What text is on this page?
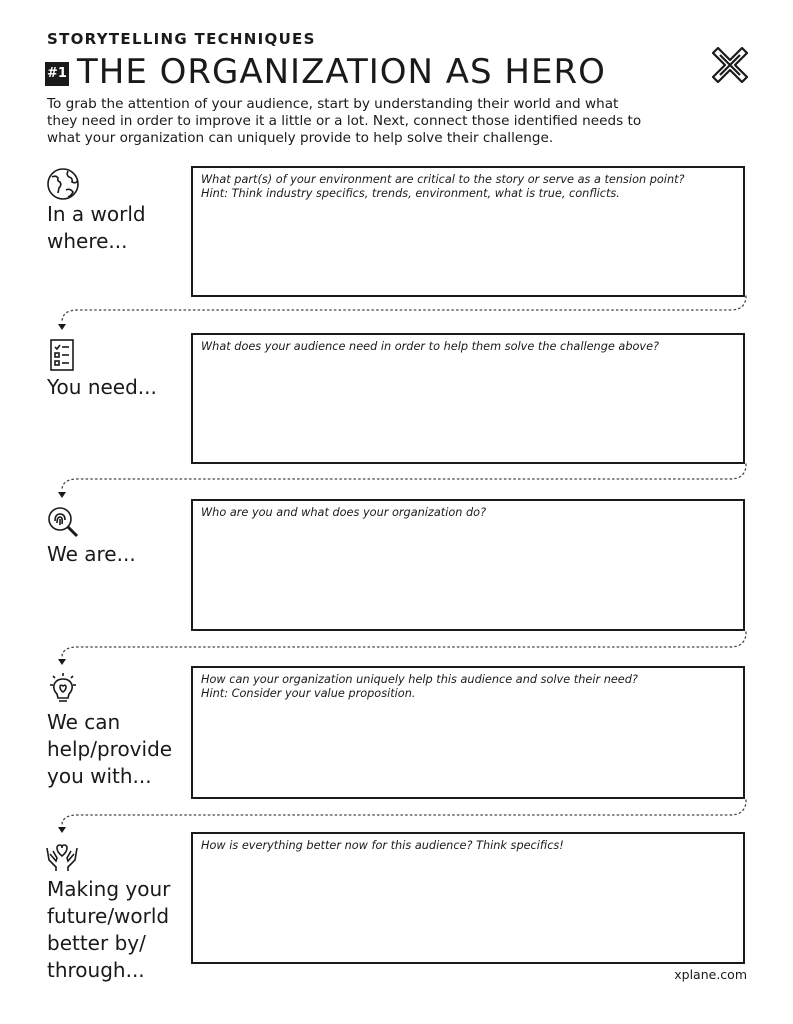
STORYTELLING TECHNIQUES
#1 THE ORGANIZATION AS HERO
To grab the attention of your audience, start by understanding their world and what they need in order to improve it a little or a lot. Next, connect those identified needs to what your organization can uniquely provide to help solve their challenge.
In a world where...
What part(s) of your environment are critical to the story or serve as a tension point?
Hint: Think industry specifics, trends, environment, what is true, conflicts.
You need...
What does your audience need in order to help them solve the challenge above?
We are...
Who are you and what does your organization do?
We can help/provide you with...
How can your organization uniquely help this audience and solve their need?
Hint: Consider your value proposition.
Making your future/world better by/ through...
How is everything better now for this audience? Think specifics!
xplane.com
